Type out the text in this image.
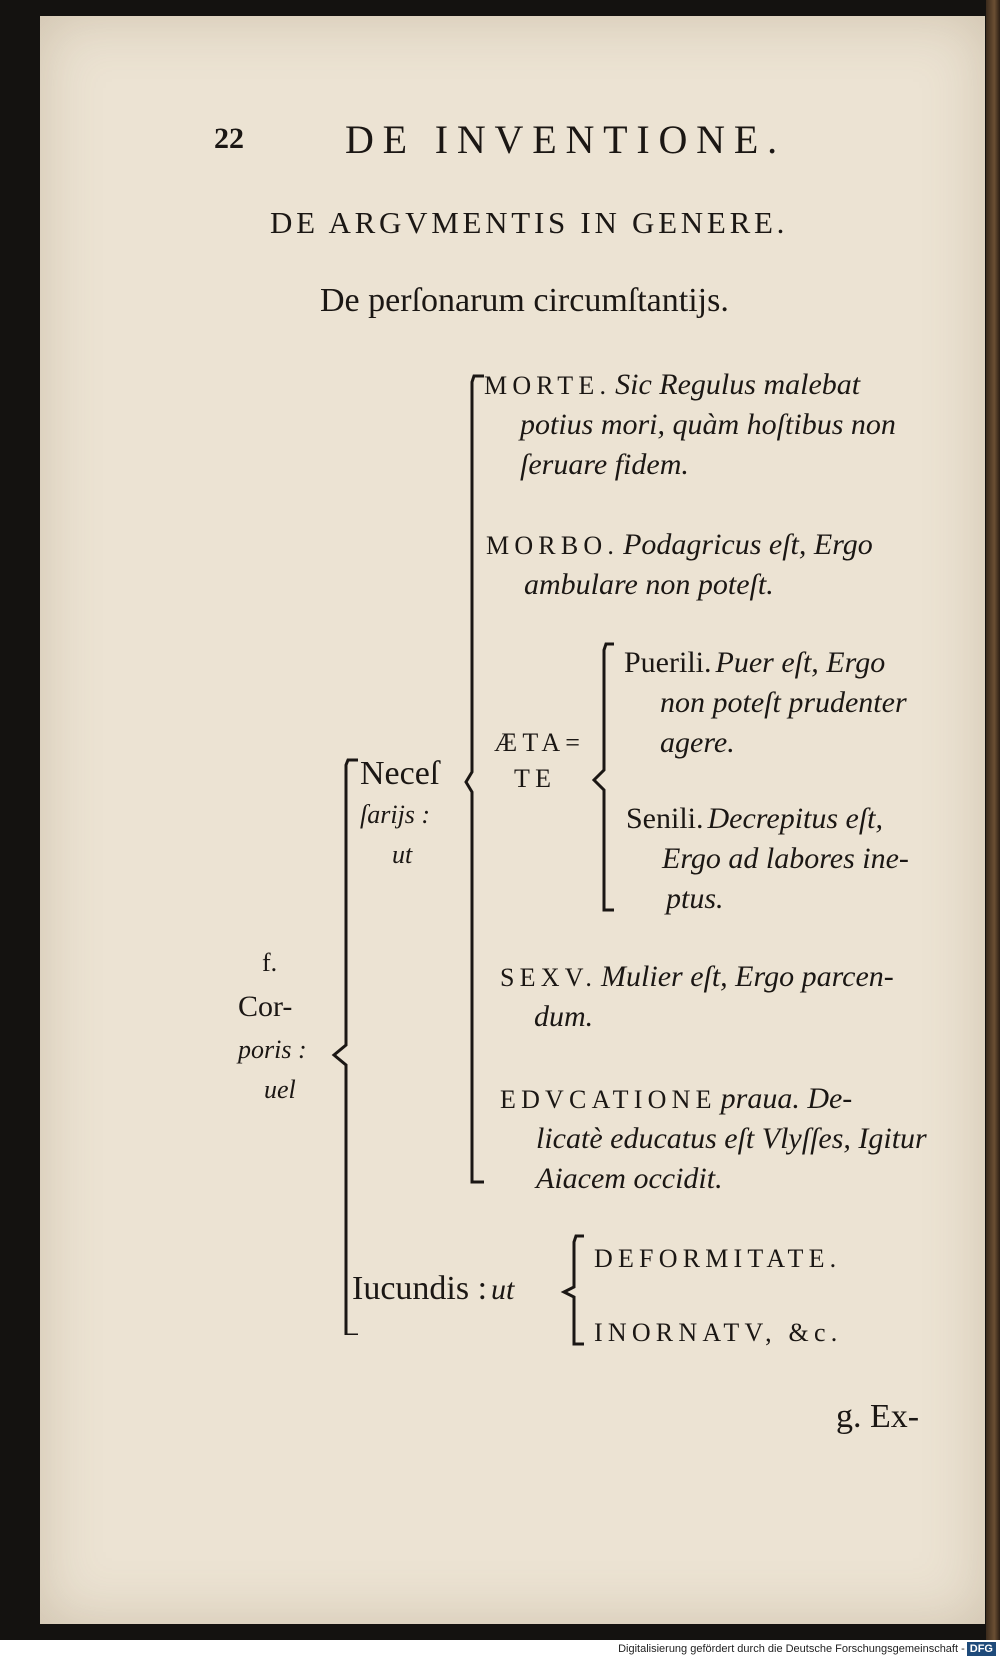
22	DE INVENTIONE.
DE ARGVMENTIS IN GENERE.
De perſonarum circumſtantijs.
f.
Cor-
poris :
uel
Neceſ
ſarijs :
ut
MORTE. Sic Regulus malebat
potius mori, quàm hoſtibus non
ſeruare fidem.
MORBO. Podagricus eſt, Ergo
ambulare non poteſt.
ÆTA=
TE
Puerili. Puer eſt, Ergo
non poteſt prudenter
agere.
Senili. Decrepitus eſt,
Ergo ad labores ine-
ptus.
SEXV. Mulier eſt, Ergo parcen-
dum.
EDVCATIONE praua. De-
licatè educatus eſt Vlyſſes, Igitur
Aiacem occidit.
Iucundis : ut
DEFORMITATE.
INORNATV, &c.
g. Ex-
Digitalisierung gefördert durch die Deutsche Forschungsgemeinschaft - DFG
